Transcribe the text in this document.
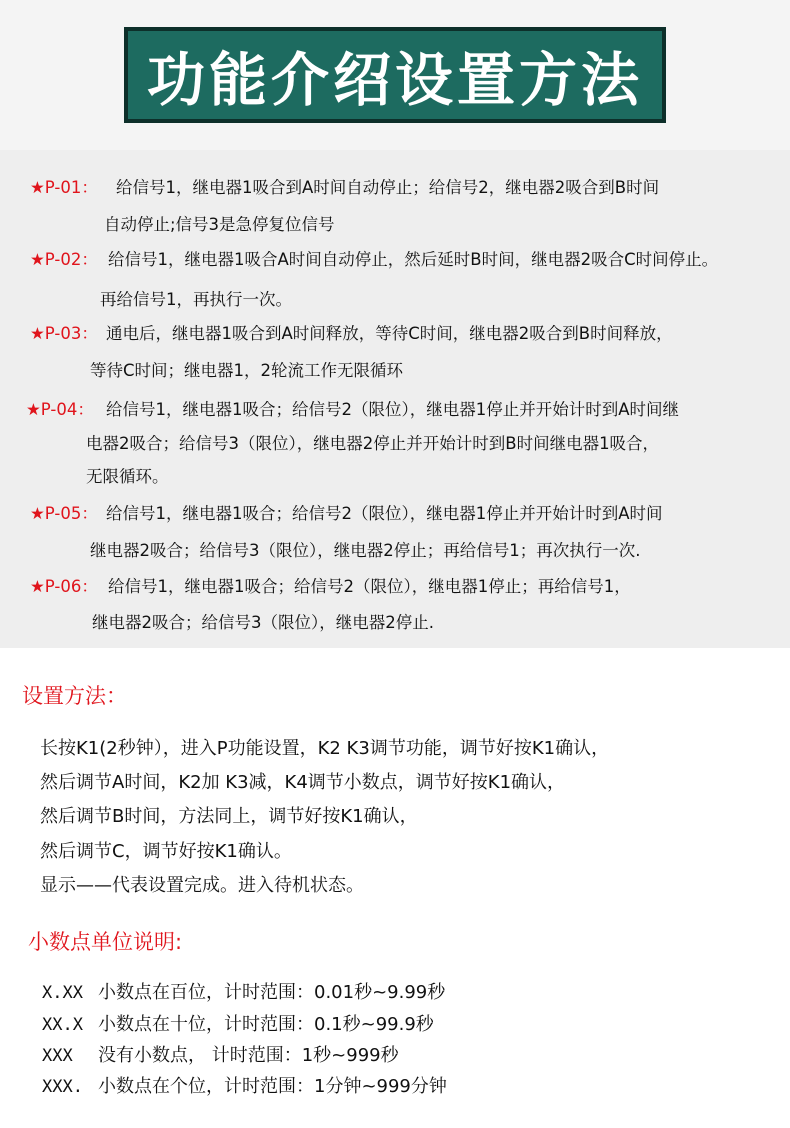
功能介绍设置方法
★P-01： 给信号1，继电器1吸合到A时间自动停止；给信号2，继电器2吸合到B时间
自动停止;信号3是急停复位信号
★P-02： 给信号1，继电器1吸合A时间自动停止，然后延时B时间，继电器2吸合C时间停止。
再给信号1，再执行一次。
★P-03： 通电后，继电器1吸合到A时间释放，等待C时间，继电器2吸合到B时间释放，
等待C时间；继电器1，2轮流工作无限循环
★P-04： 给信号1，继电器1吸合；给信号2（限位），继电器1停止并开始计时到A时间继
电器2吸合；给信号3（限位），继电器2停止并开始计时到B时间继电器1吸合，
无限循环。
★P-05： 给信号1，继电器1吸合；给信号2（限位），继电器1停止并开始计时到A时间
继电器2吸合；给信号3（限位），继电器2停止；再给信号1；再次执行一次.
★P-06： 给信号1，继电器1吸合；给信号2（限位），继电器1停止；再给信号1，
继电器2吸合；给信号3（限位），继电器2停止.
设置方法：
长按K1(2秒钟），进入P功能设置，K2 K3调节功能，调节好按K1确认，
然后调节A时间，K2加 K3减，K4调节小数点，调节好按K1确认，
然后调节B时间，方法同上，调节好按K1确认，
然后调节C，调节好按K1确认。
显示——代表设置完成。进入待机状态。
小数点单位说明:
X.XX 小数点在百位，计时范围：0.01秒~9.99秒
XX.X 小数点在十位，计时范围：0.1秒~99.9秒
XXX 没有小数点， 计时范围：1秒~999秒
XXX. 小数点在个位，计时范围：1分钟~999分钟
